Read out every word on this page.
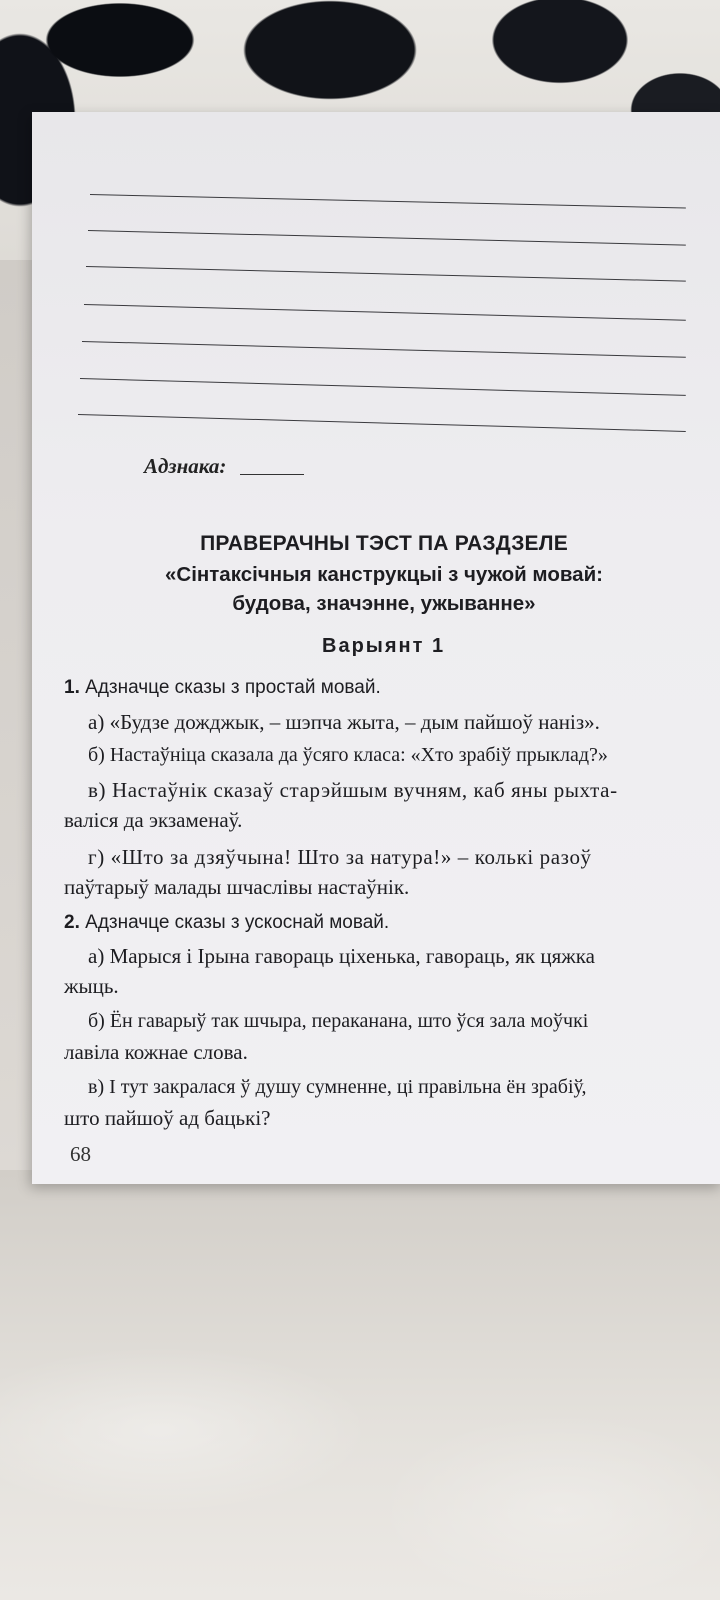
Адзнака:
ПРАВЕРАЧНЫ ТЭСТ ПА РАЗДЗЕЛЕ
«Сінтаксічныя канструкцыі з чужой мовай:
будова, значэнне, ужыванне»
Варыянт 1
1. Адзначце сказы з простай мовай.
а) «Будзе дожджык, – шэпча жыта, – дым пайшоў наніз».
б) Настаўніца сказала да ўсяго класа: «Хто зрабіў прыклад?»
в) Настаўнік сказаў старэйшым вучням, каб яны рыхта-
валіся да экзаменаў.
г) «Што за дзяўчына! Што за натура!» – колькі разоў
паўтарыў малады шчаслівы настаўнік.
2. Адзначце сказы з ускоснай мовай.
а) Марыся і Ірына гавораць ціхенька, гавораць, як цяжка
жыць.
б) Ён гаварыў так шчыра, пераканана, што ўся зала моўчкі
лавіла кожнае слова.
в) І тут закралася ў душу сумненне, ці правільна ён зрабіў,
што пайшоў ад бацькі?
68
